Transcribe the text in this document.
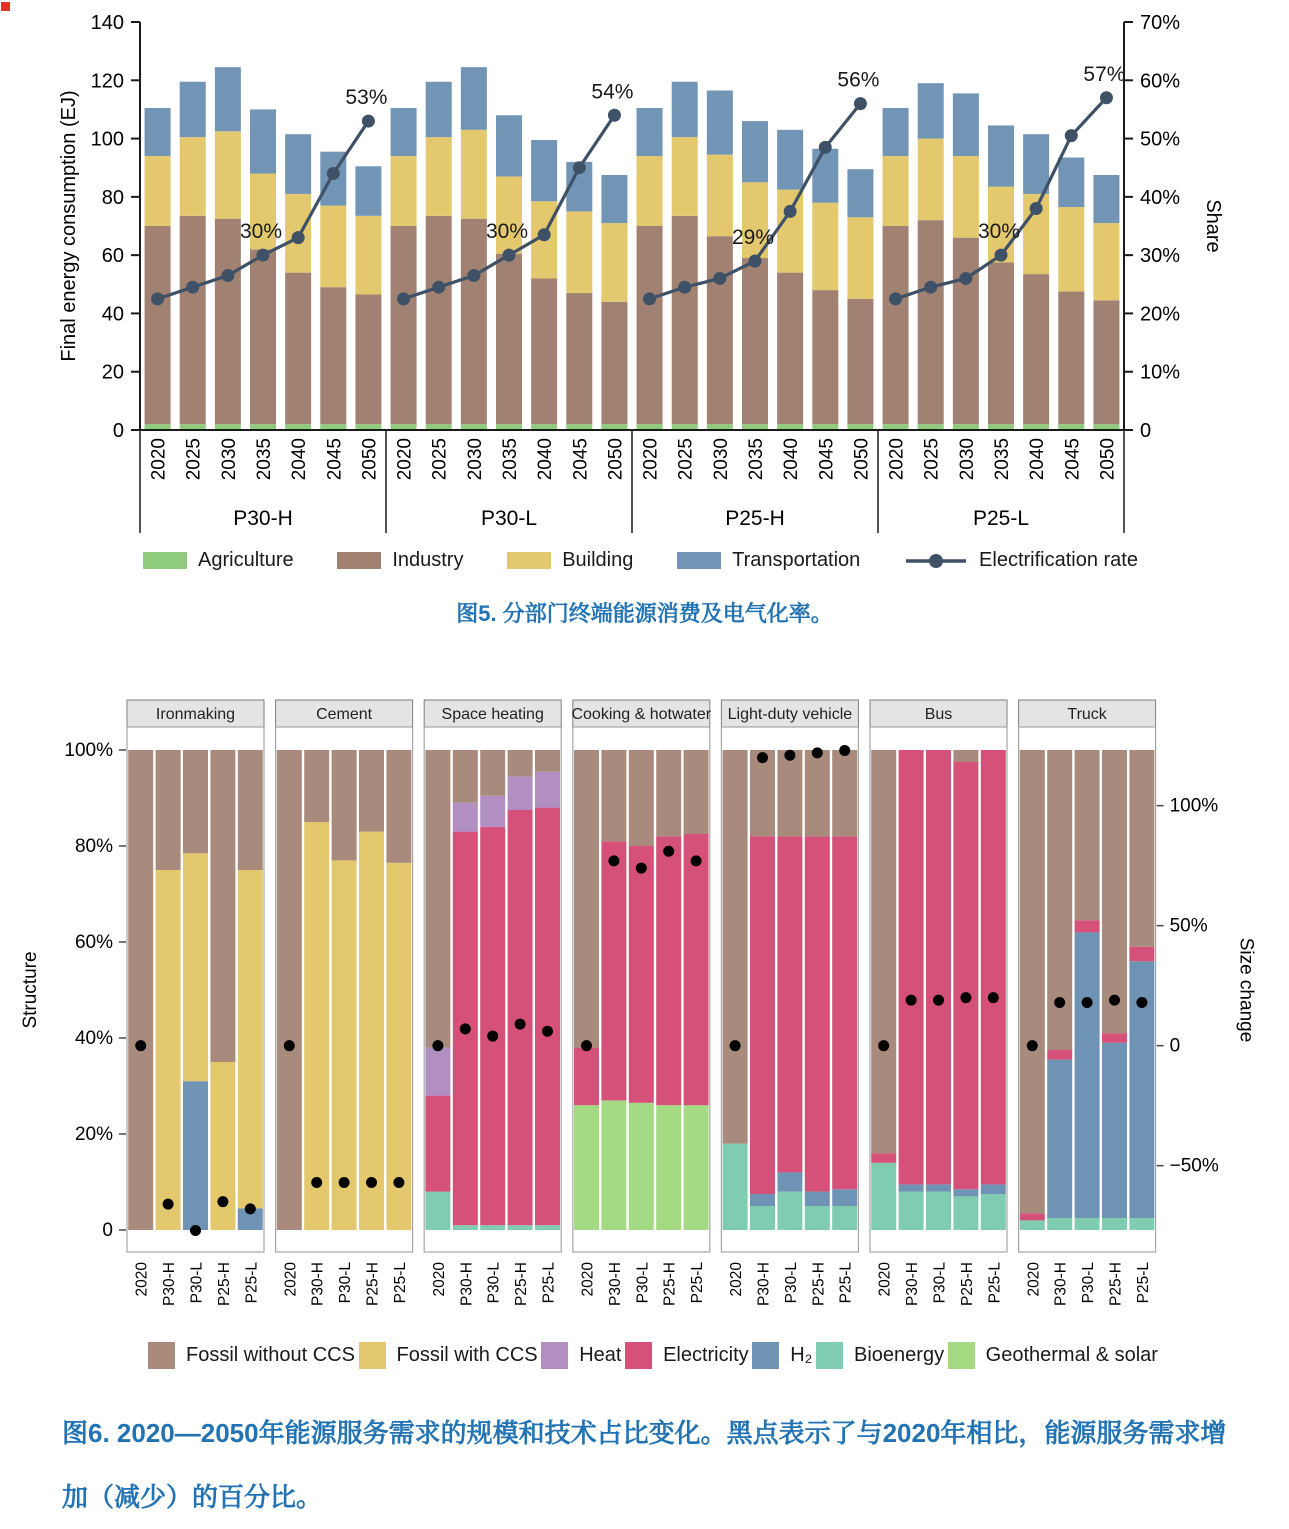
30%
53%
P30-H
2020 2025 2030 2035 2040 2045 2050
30%
54%
P30-L
2020 2025 2030 2035 2040 2045 2050
29%
56%
P25-H
2020 2025 2030 2035 2040 2045 2050
30%
57%
P25-L
2020 2025 2030 2035 2040 2045 2050
0
20
40
60
80
100
120
140
0
10%
20%
30%
40%
50%
60%
70%
Final energy consumption (EJ)	Share
Agriculture	Industry	Building	Transportation	Electrification rate
图5. 分部门终端能源消费及电气化率。
Ironmaking
2020 P30-H P30-L P25-H P25-L
Cement
2020 P30-H P30-L P25-H P25-L
Space heating
2020 P30-H P30-L P25-H P25-L
Cooking & hotwater
2020 P30-H P30-L P25-H P25-L
Light-duty vehicle
2020 P30-H P30-L P25-H P25-L
Bus
2020 P30-H P30-L P25-H P25-L
Truck
2020 P30-H P30-L P25-H P25-L
0
20%
40%
60%
80%
100%
Structure
100%
50%
0
−50%
Size change
Fossil without CCS Fossil with CCS Heat Electricity H₂ Bioenergy Geothermal & solar
图6. 2020—2050年能源服务需求的规模和技术占比变化。黑点表示了与2020年相比，能源服务需求增加（减少）的百分比。
